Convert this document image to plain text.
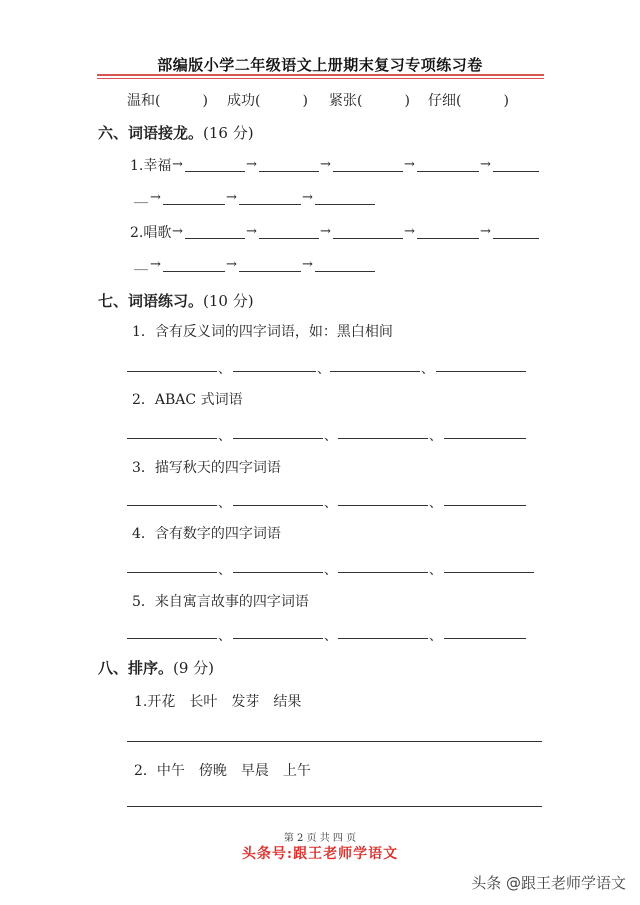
部编版小学二年级语文上册期末复习专项练习卷
温和(　　　) 成功(　　　) 紧张(　　　) 仔细(　　　)
六、词语接龙。(16 分)
1.幸福 →	→	→	→	→
__ →	→	→
2.唱歌 →	→	→	→	→
__ →	→	→
七、词语练习。(10 分)
1．含有反义词的四字词语，如：黑白相间
、	、	、
2．ABAC 式词语
、	、	、
3．描写秋天的四字词语
、	、	、
4．含有数字的四字词语
、	、	、
5．来自寓言故事的四字词语
、	、	、
八、排序。(9 分)
1.开花　长叶　发芽　结果
2．中午　傍晚　早晨　上午
第 2 页 共 四 页
头条号:跟王老师学语文
头条 @跟王老师学语文
